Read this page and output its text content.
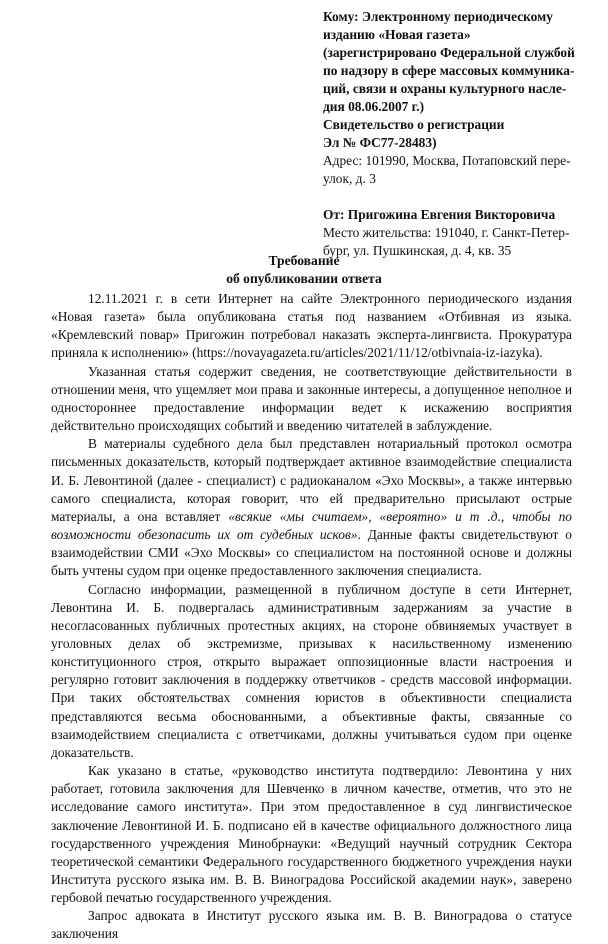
Кому: Электронному периодическому
изданию «Новая газета»
(зарегистрировано Федеральной службой
по надзору в сфере массовых коммуника-
ций, связи и охраны культурного насле-
дия 08.06.2007 г.)
Свидетельство о регистрации
Эл № ФС77-28483)
Адрес: 101990, Москва, Потаповский пере-
улок, д. 3
От: Пригожина Евгения Викторовича
Место жительства: 191040, г. Санкт-Петер-
бург, ул. Пушкинская, д. 4, кв. 35
Требование
об опубликовании ответа

12.11.2021 г. в сети Интернет на сайте Электронного периодического издания «Новая газета» была опубликована статья под названием «Отбивная из языка. «Кремлевский повар» Пригожин потребовал наказать эксперта-лингвиста. Прокуратура приняла к исполнению» (https://novayagazeta.ru/articles/2021/11/12/otbivnaia-iz-iazyka).

Указанная статья содержит сведения, не соответствующие действительности в отношении меня, что ущемляет мои права и законные интересы, а допущенное неполное и одностороннее предоставление информации ведет к искажению восприятия действительно происходящих событий и введению читателей в заблуждение.

В материалы судебного дела был представлен нотариальный протокол осмотра письменных доказательств, который подтверждает активное взаимодействие специалиста И. Б. Левонтиной (далее - специалист) с радиоканалом «Эхо Москвы», а также интервью самого специалиста, которая говорит, что ей предварительно присылают острые материалы, а она вставляет «всякие «мы считаем», «вероятно» и т .д., чтобы по возможности обезопасить их от судебных исков». Данные факты свидетельствуют о взаимодействии СМИ «Эхо Москвы» со специалистом на постоянной основе и должны быть учтены судом при оценке предоставленного заключения специалиста.

Согласно информации, размещенной в публичном доступе в сети Интернет, Левонтина И. Б. подвергалась административным задержаниям за участие в несогласованных публичных протестных акциях, на стороне обвиняемых участвует в уголовных делах об экстремизме, призывах к насильственному изменению конституционного строя, открыто выражает оппозиционные власти настроения и регулярно готовит заключения в поддержку ответчиков - средств массовой информации. При таких обстоятельствах сомнения юристов в объективности специалиста представляются весьма обоснованными, а объективные факты, связанные со взаимодействием специалиста с ответчиками, должны учитываться судом при оценке доказательств.

Как указано в статье, «руководство института подтвердило: Левонтина у них работает, готовила заключения для Шевченко в личном качестве, отметив, что это не исследование самого института». При этом предоставленное в суд лингвистическое заключение Левонтиной И. Б. подписано ей в качестве официального должностного лица государственного учреждения Минобрнауки: «Ведущий научный сотрудник Сектора теоретической семантики Федерального государственного бюджетного учреждения науки Института русского языка им. В. В. Виноградова Российской академии наук», заверено гербовой печатью государственного учреждения.

Запрос адвоката в Институт русского языка им. В. В. Виноградова о статусе заключения
